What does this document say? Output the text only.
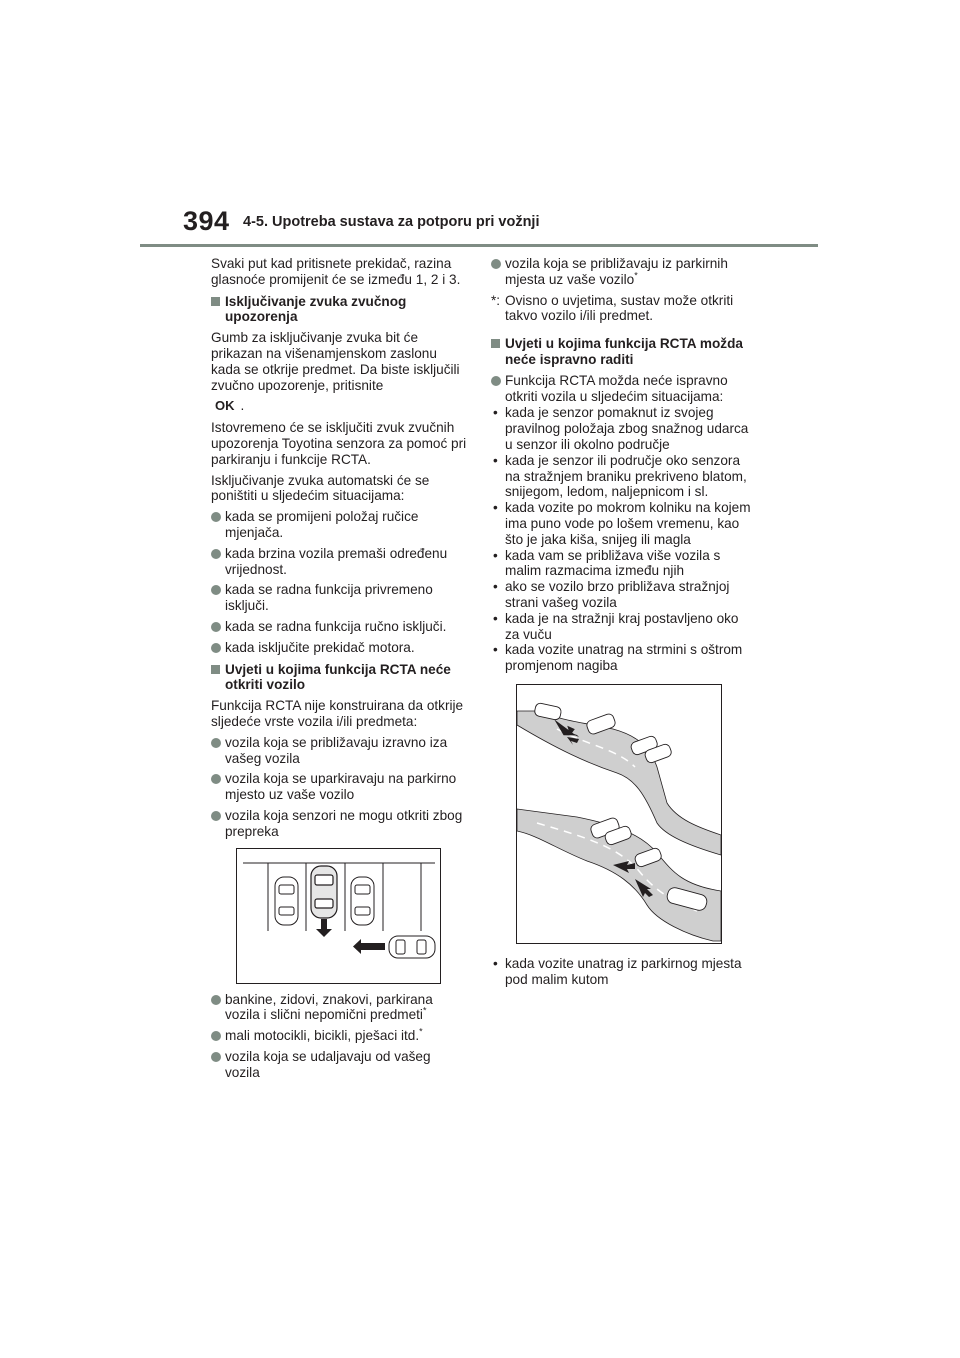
394 4-5. Upotreba sustava za potporu pri vožnji

Svaki put kad pritisnete prekidač, razina glasnoće promijenit će se između 1, 2 i 3.

Isključivanje zvuka zvučnog upozorenja

Gumb za isključivanje zvuka bit će prikazan na višenamjenskom zaslonu kada se otkrije predmet. Da biste isključili zvučno upozorenje, pritisnite

OK .

Istovremeno će se isključiti zvuk zvučnih upozorenja Toyotina senzora za pomoć pri parkiranju i funkcije RCTA.

Isključivanje zvuka automatski će se poništiti u sljedećim situacijama:

kada se promijeni položaj ručice mjenjača.
kada brzina vozila premaši određenu vrijednost.
kada se radna funkcija privremeno isključi.
kada se radna funkcija ručno isključi.
kada isključite prekidač motora.
Uvjeti u kojima funkcija RCTA neće otkriti vozilo

Funkcija RCTA nije konstruirana da otkrije sljedeće vrste vozila i/ili predmeta:

vozila koja se približavaju izravno iza vašeg vozila
vozila koja se uparkiravaju na parkirno mjesto uz vaše vozilo
vozila koja senzori ne mogu otkriti zbog prepreka
bankine, zidovi, znakovi, parkirana vozila i slični nepomični predmeti*
mali motocikli, bicikli, pješaci itd.*
vozila koja se udaljavaju od vašeg vozila
vozila koja se približavaju iz parkirnih mjesta uz vaše vozilo*
*: Ovisno o uvjetima, sustav može otkriti takvo vozilo i/ili predmet.
Uvjeti u kojima funkcija RCTA možda neće ispravno raditi
Funkcija RCTA možda neće ispravno otkriti vozila u sljedećim situacijama:
• kada je senzor pomaknut iz svojeg pravilnog položaja zbog snažnog udarca u senzor ili okolno područje
• kada je senzor ili područje oko senzora na stražnjem braniku prekriveno blatom, snijegom, ledom, naljepnicom i sl.
• kada vozite po mokrom kolniku na kojem ima puno vode po lošem vremenu, kao što je jaka kiša, snijeg ili magla
• kada vam se približava više vozila s malim razmacima između njih
• ako se vozilo brzo približava stražnjoj strani vašeg vozila
• kada je na stražnji kraj postavljeno oko za vuču
• kada vozite unatrag na strmini s oštrom promjenom nagiba
• kada vozite unatrag iz parkirnog mjesta pod malim kutom
